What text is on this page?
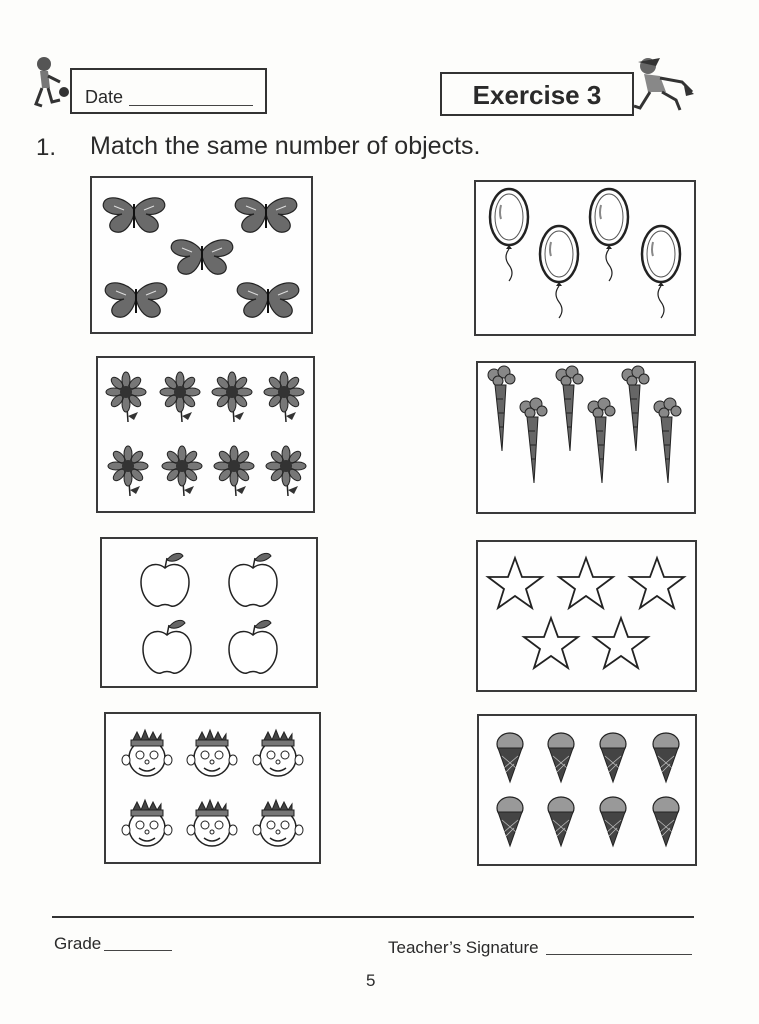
Date	Exercise 3
1. Match the same number of objects.
Grade	Teacher’s Signature
5
